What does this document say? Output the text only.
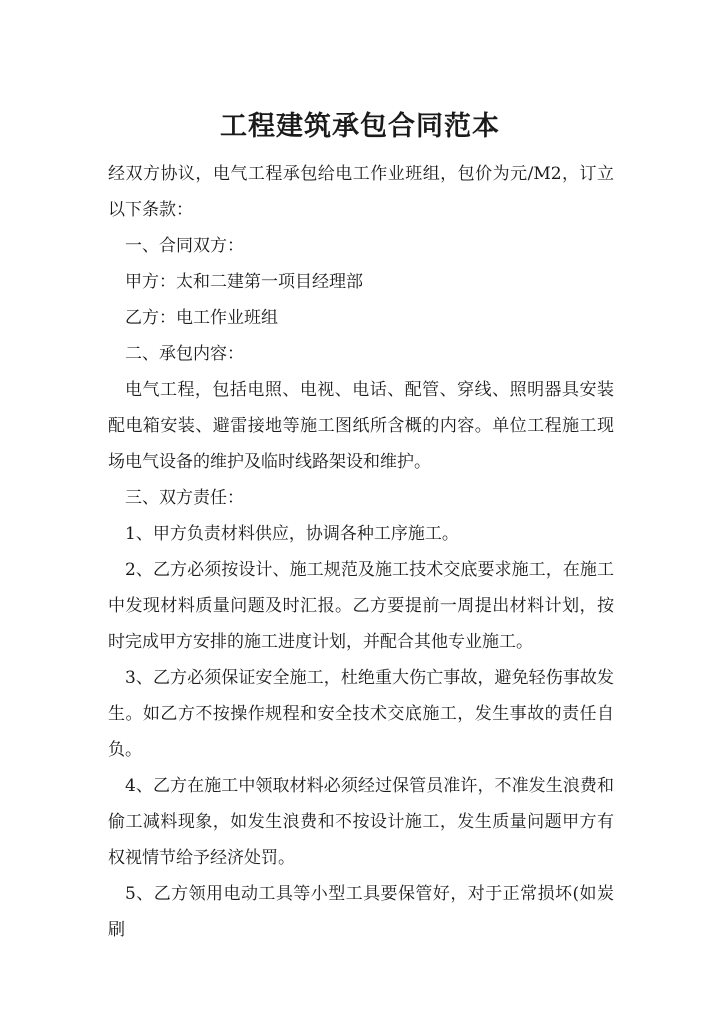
工程建筑承包合同范本

经双方协议，电气工程承包给电工作业班组，包价为元/M2，订立以下条款：

一、合同双方：

甲方：太和二建第一项目经理部

乙方：电工作业班组

二、承包内容：

电气工程，包括电照、电视、电话、配管、穿线、照明器具安装配电箱安装、避雷接地等施工图纸所含概的内容。单位工程施工现场电气设备的维护及临时线路架设和维护。

三、双方责任：

1、甲方负责材料供应，协调各种工序施工。

2、乙方必须按设计、施工规范及施工技术交底要求施工，在施工中发现材料质量问题及时汇报。乙方要提前一周提出材料计划，按时完成甲方安排的施工进度计划，并配合其他专业施工。

3、乙方必须保证安全施工，杜绝重大伤亡事故，避免轻伤事故发生。如乙方不按操作规程和安全技术交底施工，发生事故的责任自负。

4、乙方在施工中领取材料必须经过保管员准许，不准发生浪费和偷工减料现象，如发生浪费和不按设计施工，发生质量问题甲方有权视情节给予经济处罚。

5、乙方领用电动工具等小型工具要保管好，对于正常损坏(如炭刷
